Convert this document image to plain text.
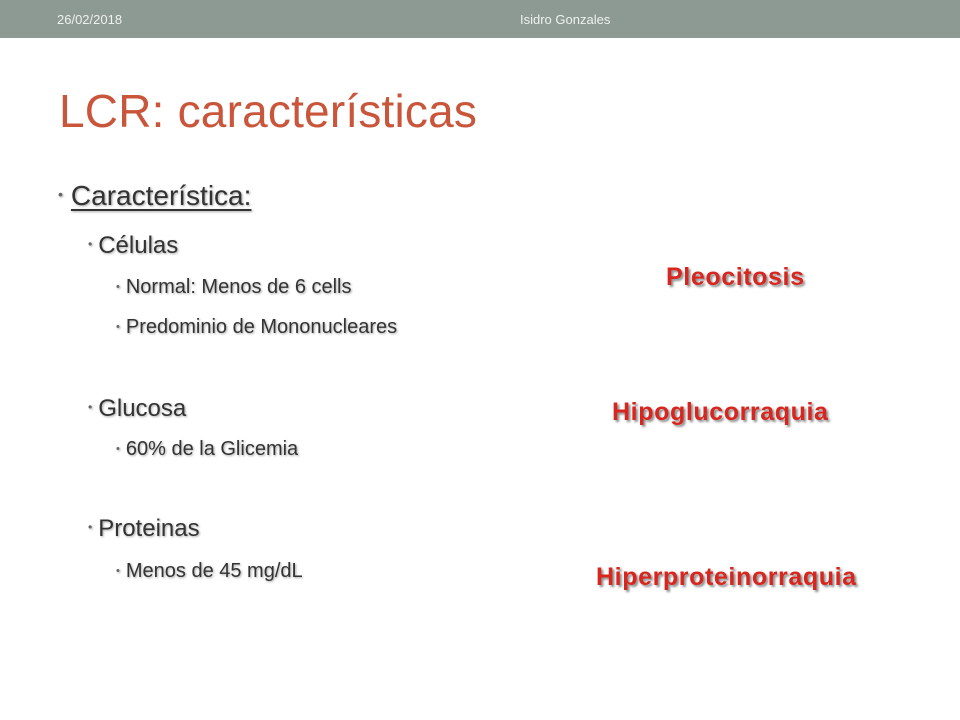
26/02/2018	Isidro Gonzales
LCR: características
• Característica:
• Células
• Normal: Menos de 6 cells
• Predominio de Mononucleares
• Glucosa
• 60% de la Glicemia
• Proteinas
• Menos de 45 mg/dL
Pleocitosis
Hipoglucorraquia
Hiperproteinorraquia
